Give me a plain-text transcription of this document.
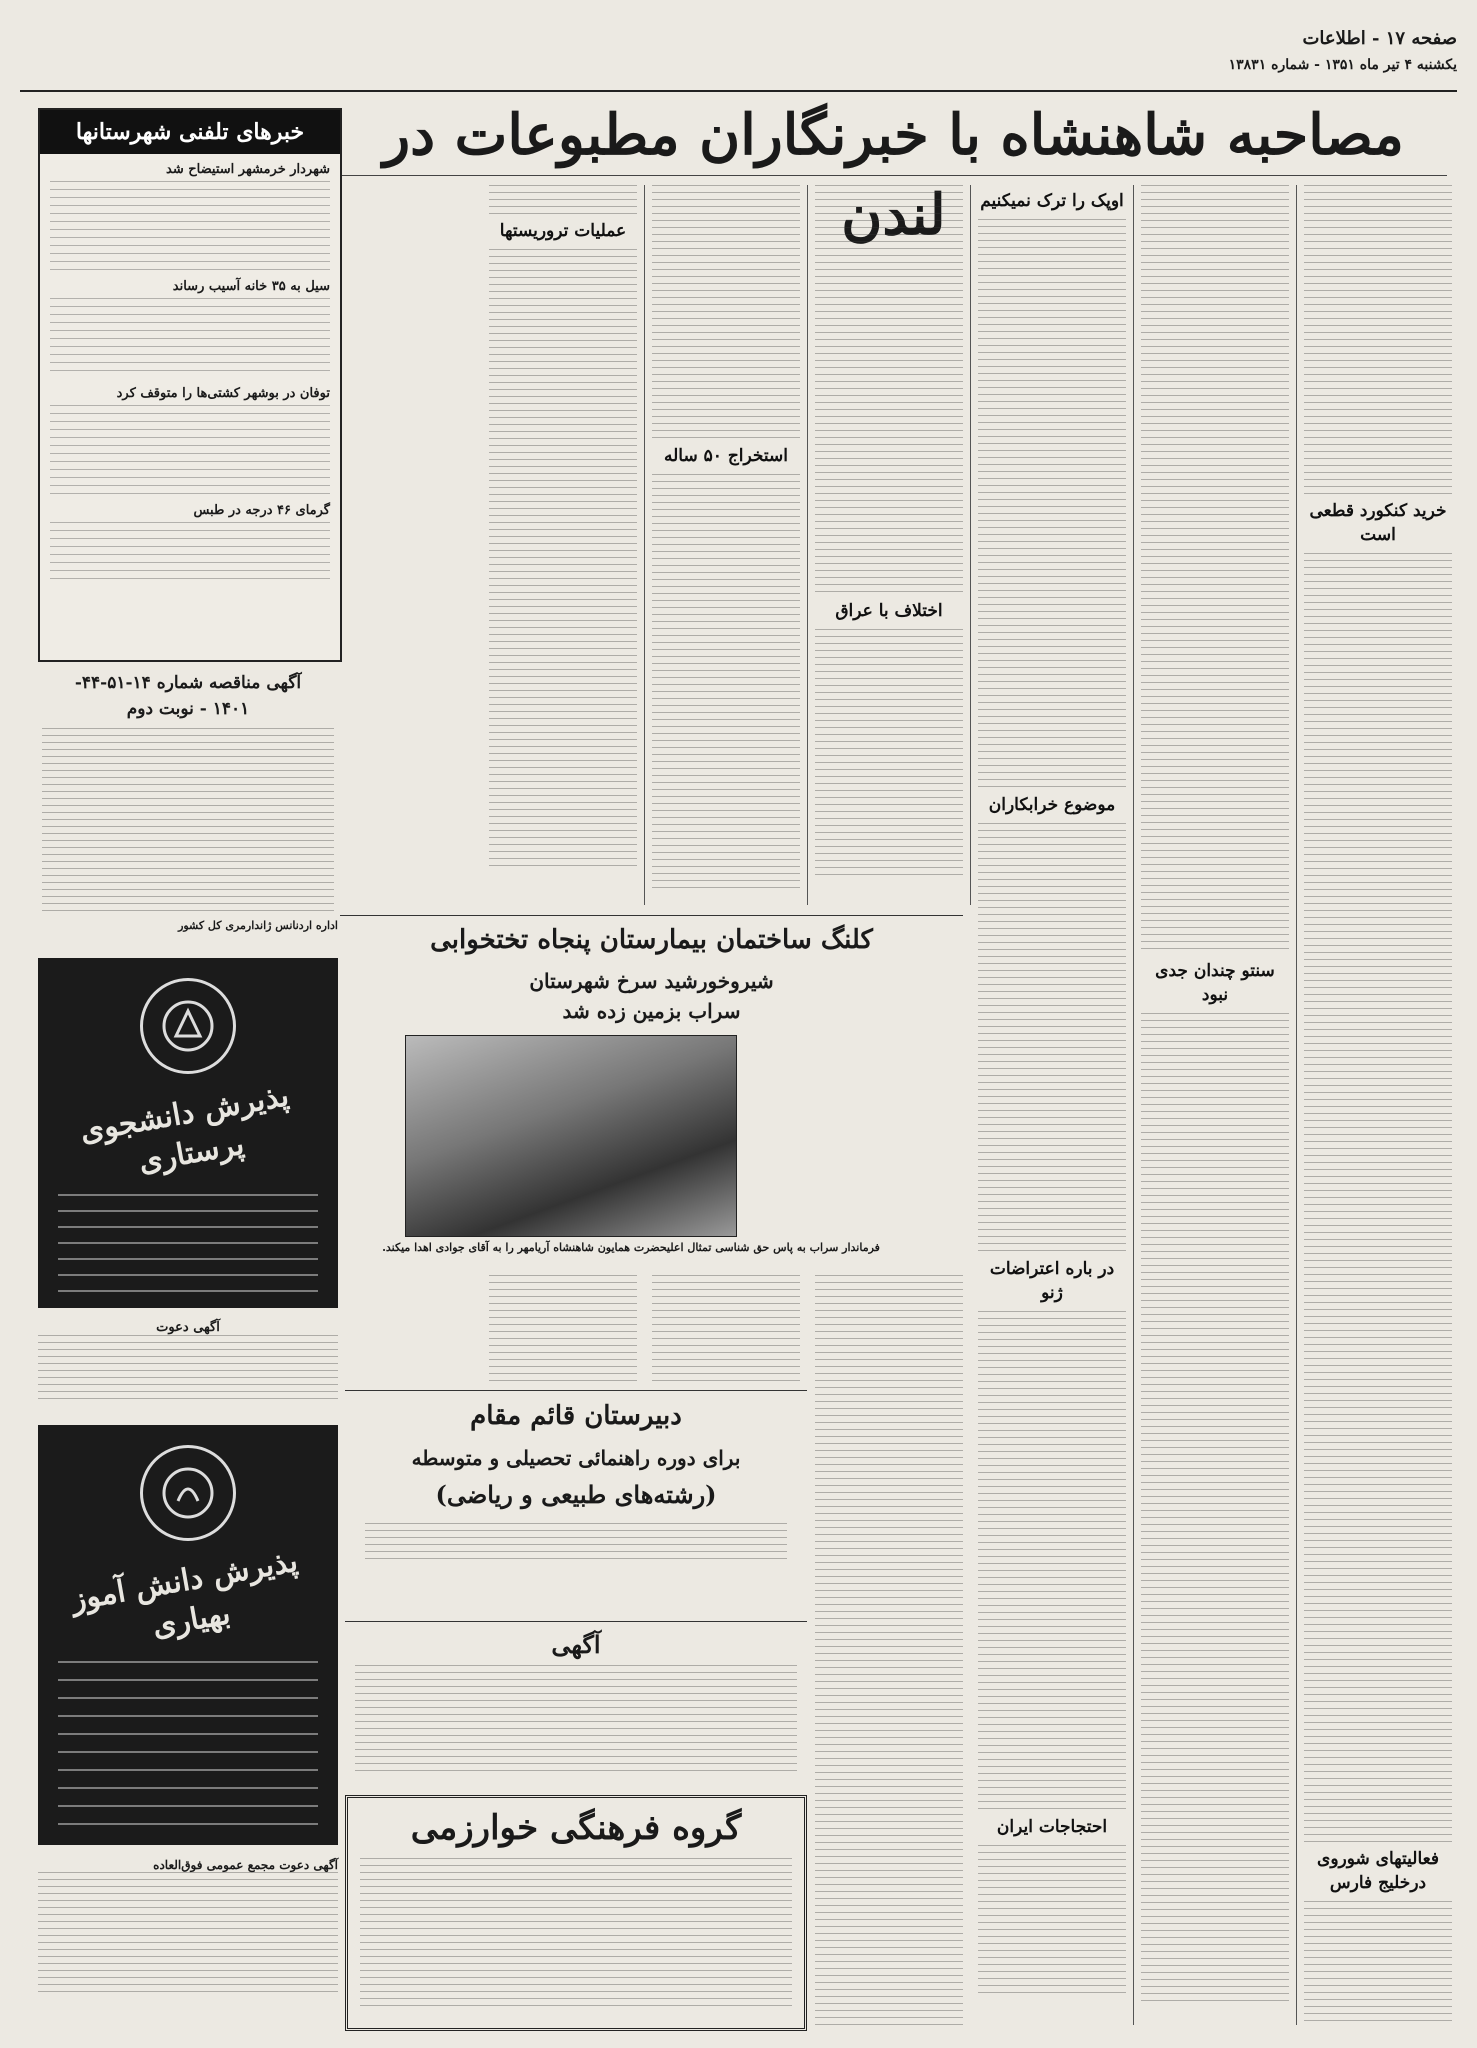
صفحه ۱۷ - اطلاعات
یکشنبه ۴ تیر ماه ۱۳۵۱ - شماره ۱۳۸۳۱
مصاحبه شاهنشاه با خبرنگاران مطبوعات در لندن
خرید کنکورد قطعی است
فعالیتهای شوروی درخلیج فارس
سنتو چندان جدی نبود
اوپک را ترک نمیکنیم
موضوع خرابکاران
در باره اعتراضات ژنو
احتجاجات ایران
اختلاف با عراق
استخراج ۵۰ ساله
عملیات تروریستها
کلنگ ساختمان بیمارستان پنجاه تختخوابی
شیروخورشید سرخ شهرستان
سراب بزمین زده شد
فرماندار سراب به پاس حق شناسی تمثال اعلیحضرت همایون شاهنشاه آریامهر را به آقای جوادی اهدا میکند.
دبیرستان قائم مقام
برای دوره راهنمائی تحصیلی و متوسطه
(رشته‌های طبیعی و ریاضی)
آگهی
گروه فرهنگی خوارزمی
خبرهای تلفنی شهرستانها
شهردار خرمشهر استیضاح شد
سیل به ۳۵ خانه آسیب رساند
توفان در بوشهر کشتی‌ها را متوقف کرد
گرمای ۴۶ درجه در طبس
آگهی مناقصه شماره ۱۴-۵۱-۴۴-
۱۴۰۱ - نوبت دوم
اداره اردنانس ژاندارمری کل کشور
پذیرش دانشجوی پرستاری
آگهی دعوت
پذیرش دانش آموز بهیاری
آگهی دعوت مجمع عمومی فوق‌العاده
